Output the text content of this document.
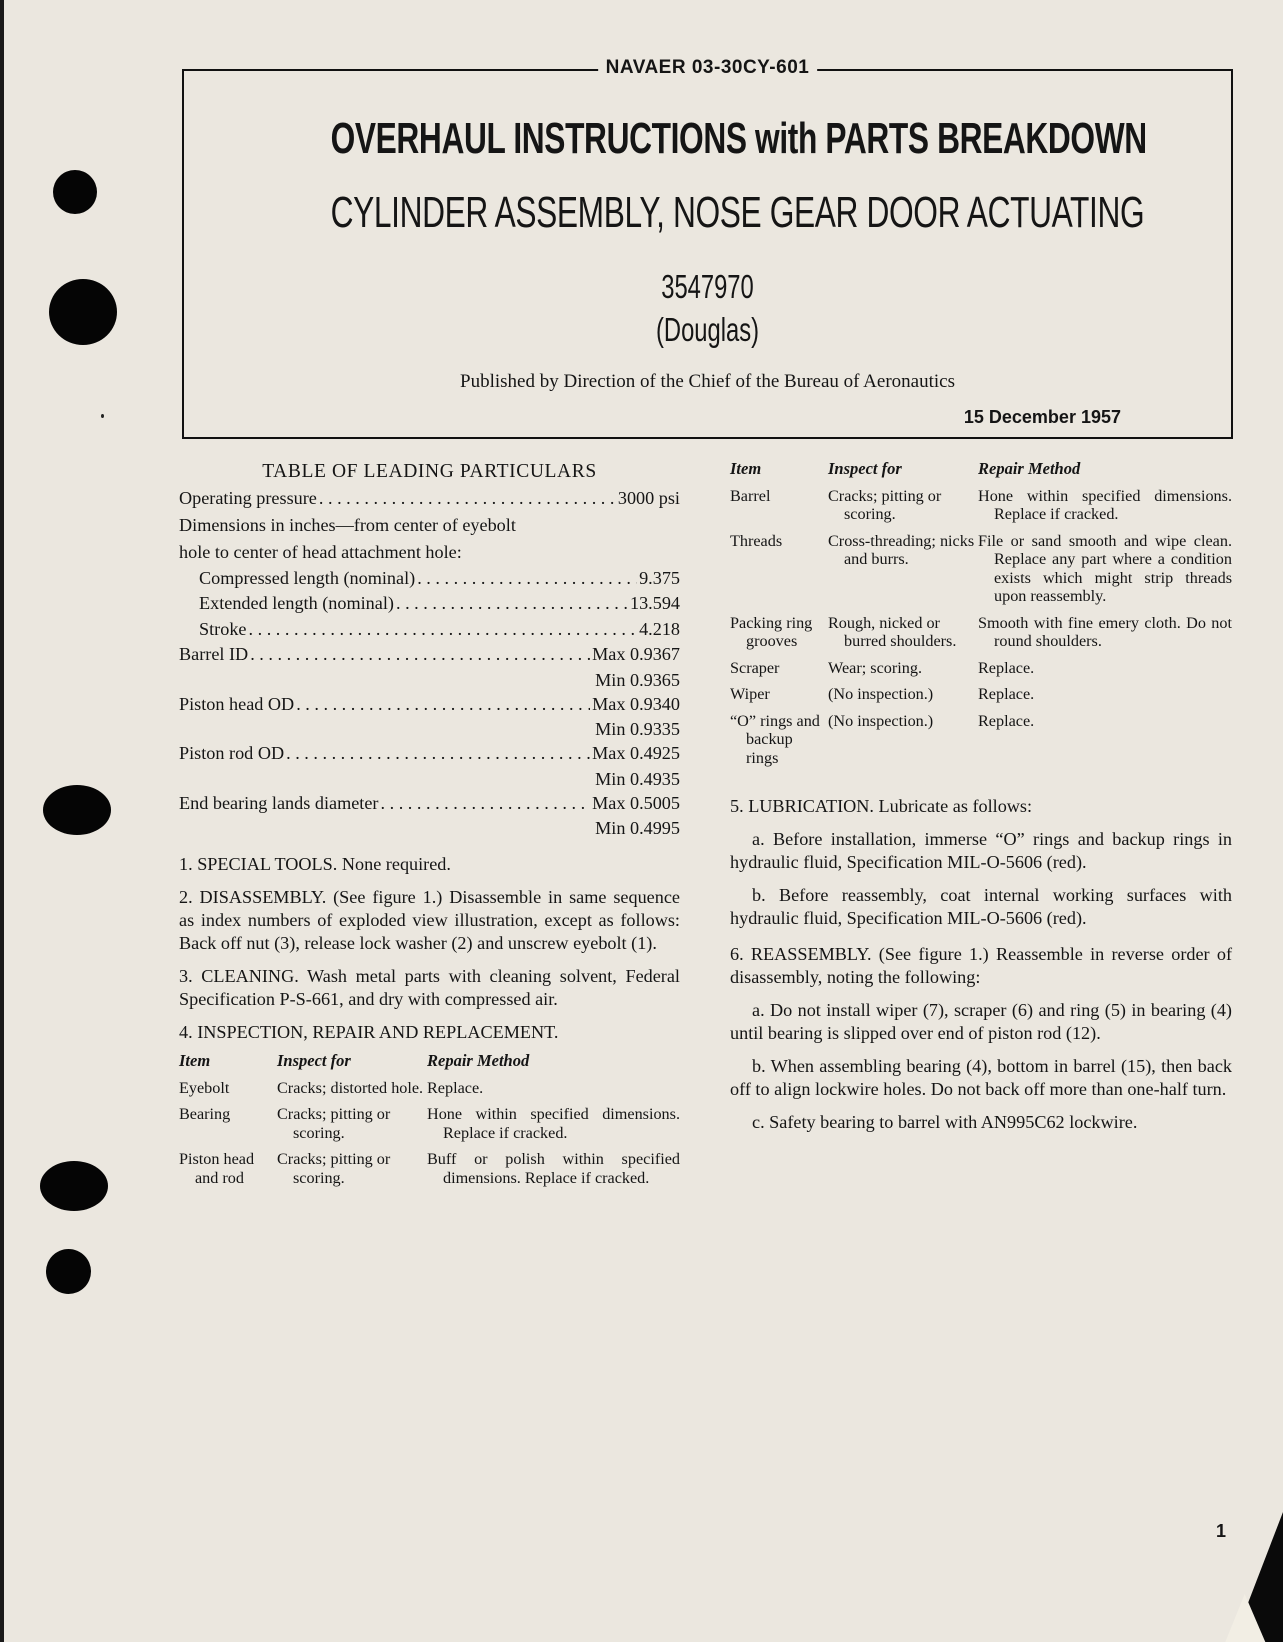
NAVAER 03-30CY-601
OVERHAUL INSTRUCTIONS with PARTS BREAKDOWN
CYLINDER ASSEMBLY, NOSE GEAR DOOR ACTUATING
3547970
(Douglas)
Published by Direction of the Chief of the Bureau of Aeronautics
15 December 1957
TABLE OF LEADING PARTICULARS
Operating pressure . . .	3000 psi
Dimensions in inches—from center of eyebolt
hole to center of head attachment hole:
Compressed length (nominal) . . .	9.375
Extended length (nominal) . . .	13.594
Stroke . . .	4.218
Barrel ID . . .	Max 0.9367
Min 0.9365
Piston head OD . . .	Max 0.9340
Min 0.9335
Piston rod OD . . .	Max 0.4925
Min 0.4935
End bearing lands diameter . . .	Max 0.5005
Min 0.4995

1. SPECIAL TOOLS. None required.

2. DISASSEMBLY. (See figure 1.) Disassemble in same sequence as index numbers of exploded view illustration, except as follows: Back off nut (3), release lock washer (2) and unscrew eyebolt (1).

3. CLEANING. Wash metal parts with cleaning solvent, Federal Specification P-S-661, and dry with compressed air.

4. INSPECTION, REPAIR AND REPLACEMENT.

Item	Inspect for	Repair Method
Eyebolt	Cracks; distorted hole.	Replace.
Bearing	Cracks; pitting or scoring.	Hone within specified dimensions. Replace if cracked.
Piston head and rod	Cracks; pitting or scoring.	Buff or polish within specified dimensions. Replace if cracked.
Item	Inspect for	Repair Method
Barrel	Cracks; pitting or scoring.	Hone within specified dimensions. Replace if cracked.
Threads	Cross-threading; nicks and burrs.	File or sand smooth and wipe clean. Replace any part where a condition exists which might strip threads upon reassembly.
Packing ring grooves	Rough, nicked or burred shoulders.	Smooth with fine emery cloth. Do not round shoulders.
Scraper	Wear; scoring.	Replace.
Wiper	(No inspection.)	Replace.
“O” rings and backup rings	(No inspection.)	Replace.

5. LUBRICATION. Lubricate as follows:

a. Before installation, immerse “O” rings and backup rings in hydraulic fluid, Specification MIL-O-5606 (red).

b. Before reassembly, coat internal working surfaces with hydraulic fluid, Specification MIL-O-5606 (red).

6. REASSEMBLY. (See figure 1.) Reassemble in reverse order of disassembly, noting the following:

a. Do not install wiper (7), scraper (6) and ring (5) in bearing (4) until bearing is slipped over end of piston rod (12).

b. When assembling bearing (4), bottom in barrel (15), then back off to align lockwire holes. Do not back off more than one-half turn.

c. Safety bearing to barrel with AN995C62 lockwire.

1
